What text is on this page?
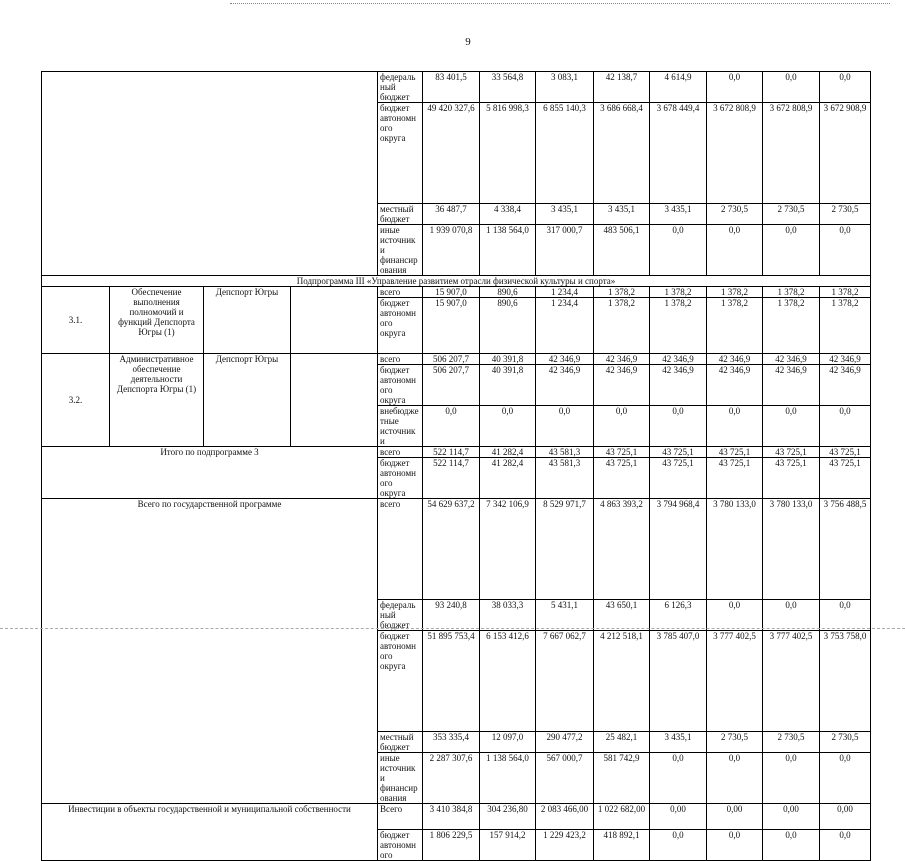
9
				федеральный бюджет	83 401,5	33 564,8	3 083,1	42 138,7	4 614,9	0,0	0,0	0,0	
				бюджет автономного округа	49 420 327,6	5 816 998,3	6 855 140,3	3 686 668,4	3 678 449,4	3 672 808,9	3 672 808,9	3 672 908,9	
				местный бюджет	36 487,7	4 338,4	3 435,1	3 435,1	3 435,1	2 730,5	2 730,5	2 730,5	
				иные источники финансирования	1 939 070,8	1 138 564,0	317 000,7	483 506,1	0,0	0,0	0,0	0,0	
Подпрограмма III «Управление развитием отрасли физической культуры и спорта»													
3.1.	Обеспечение выполнения полномочий и функций Депспорта Югры (1)	Депспорт Югры		всего	15 907,0	890,6	1 234,4	1 378,2	1 378,2	1 378,2	1 378,2	1 378,2	
				бюджет автономного округа	15 907,0	890,6	1 234,4	1 378,2	1 378,2	1 378,2	1 378,2	1 378,2	
3.2.	Административное обеспечение деятельности Депспорта Югры (1)	Депспорт Югры		всего	506 207,7	40 391,8	42 346,9	42 346,9	42 346,9	42 346,9	42 346,9	42 346,9	
				бюджет автономного округа	506 207,7	40 391,8	42 346,9	42 346,9	42 346,9	42 346,9	42 346,9	42 346,9	
				внебюджетные источники	0,0	0,0	0,0	0,0	0,0	0,0	0,0	0,0	
Итого по подпрограмме 3				всего	522 114,7	41 282,4	43 581,3	43 725,1	43 725,1	43 725,1	43 725,1	43 725,1	
				бюджет автономного округа	522 114,7	41 282,4	43 581,3	43 725,1	43 725,1	43 725,1	43 725,1	43 725,1	
Всего по государственной программе				всего	54 629 637,2	7 342 106,9	8 529 971,7	4 863 393,2	3 794 968,4	3 780 133,0	3 780 133,0	3 756 488,5	
				федеральный бюджет	93 240,8	38 033,3	5 431,1	43 650,1	6 126,3	0,0	0,0	0,0	
				бюджет автономного округа	51 895 753,4	6 153 412,6	7 667 062,7	4 212 518,1	3 785 407,0	3 777 402,5	3 777 402,5	3 753 758,0	
				местный бюджет	353 335,4	12 097,0	290 477,2	25 482,1	3 435,1	2 730,5	2 730,5	2 730,5	
				иные источники финансирования	2 287 307,6	1 138 564,0	567 000,7	581 742,9	0,0	0,0	0,0	0,0	
Инвестиции в объекты государственной и муниципальной собственности				Всего	3 410 384,8	304 236,80	2 083 466,00	1 022 682,00	0,00	0,00	0,00	0,00	
				бюджет автономного	1 806 229,5	157 914,2	1 229 423,2	418 892,1	0,0	0,0	0,0	0,0	
